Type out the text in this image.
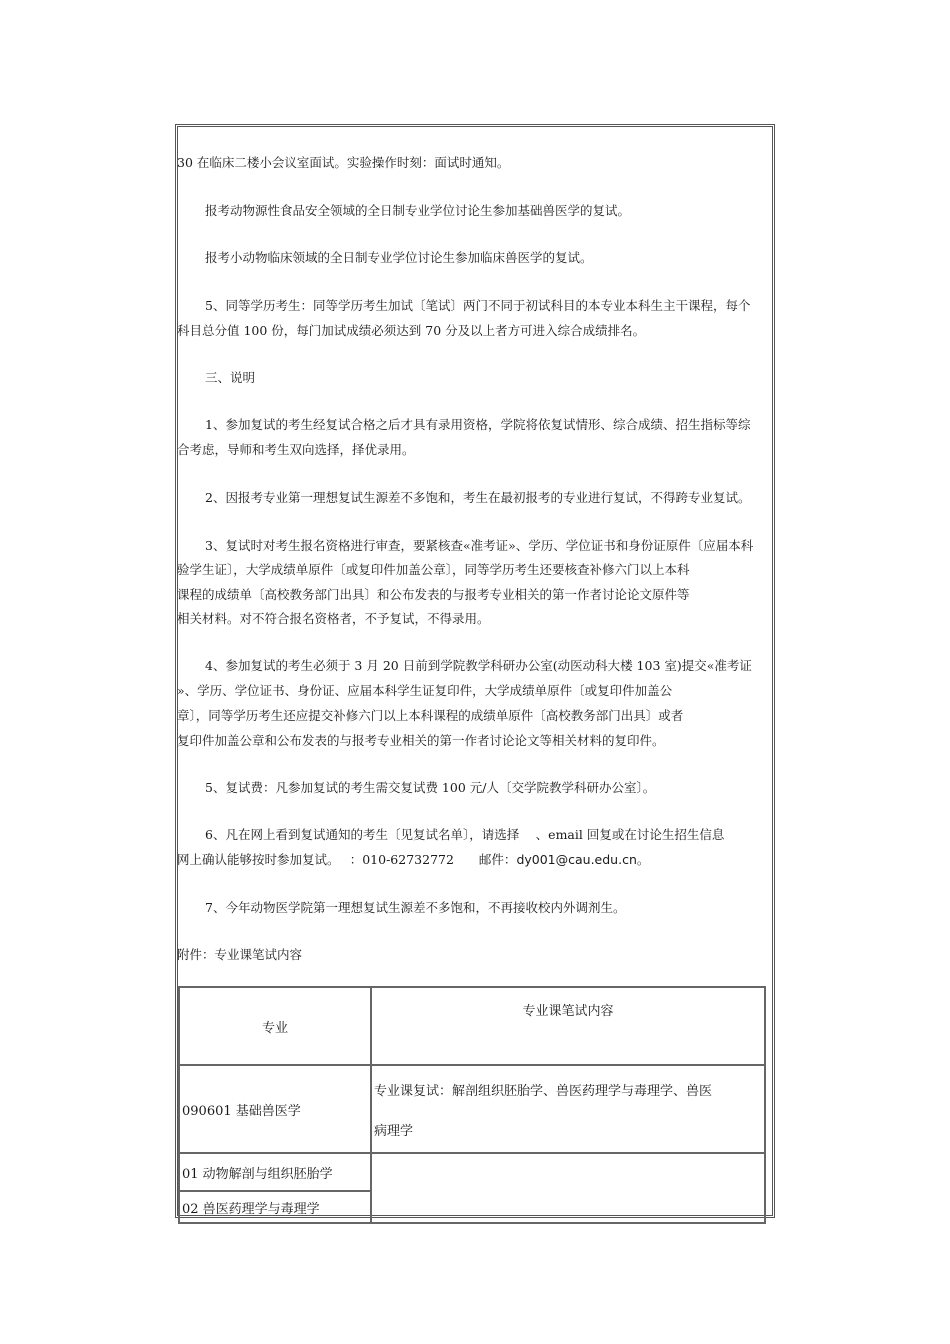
30 在临床二楼小会议室面试。实验操作时刻：面试时通知。
报考动物源性食品安全领域的全日制专业学位讨论生参加基础兽医学的复试。
报考小动物临床领域的全日制专业学位讨论生参加临床兽医学的复试。
5、同等学历考生：同等学历考生加试〔笔试〕两门不同于初试科目的本专业本科生主干课程，每个
科目总分值 100 份，每门加试成绩必须达到 70 分及以上者方可进入综合成绩排名。
三、说明
1、参加复试的考生经复试合格之后才具有录用资格，学院将依复试情形、综合成绩、招生指标等综
合考虑，导师和考生双向选择，择优录用。
2、因报考专业第一理想复试生源差不多饱和，考生在最初报考的专业进行复试，不得跨专业复试。
3、复试时对考生报名资格进行审查，要紧核查«准考证»、学历、学位证书和身份证原件〔应届本科
验学生证〕，大学成绩单原件〔或复印件加盖公章〕，同等学历考生还要核查补修六门以上本科
课程的成绩单〔高校教务部门出具〕和公布发表的与报考专业相关的第一作者讨论论文原件等
相关材料。对不符合报名资格者，不予复试，不得录用。
4、参加复试的考生必须于 3 月 20 日前到学院教学科研办公室(动医动科大楼 103 室)提交«准考证
»、学历、学位证书、身份证、应届本科学生证复印件，大学成绩单原件〔或复印件加盖公
章〕，同等学历考生还应提交补修六门以上本科课程的成绩单原件〔高校教务部门出具〕或者
复印件加盖公章和公布发表的与报考专业相关的第一作者讨论论文等相关材料的复印件。
5、复试费：凡参加复试的考生需交复试费 100 元/人〔交学院教学科研办公室〕。
6、凡在网上看到复试通知的考生〔见复试名单〕，请选择　 、email 回复或在讨论生招生信息
网上确认能够按时参加复试。　 ：010-62732772　　邮件：dy001@cau.edu.cn。
7、今年动物医学院第一理想复试生源差不多饱和，不再接收校内外调剂生。
附件：专业课笔试内容
专业	专业课笔试内容
090601 基础兽医学	专业课复试：解剖组织胚胎学、兽医药理学与毒理学、兽医
病理学

01 动物解剖与组织胚胎学	
02 兽医药理学与毒理学	
